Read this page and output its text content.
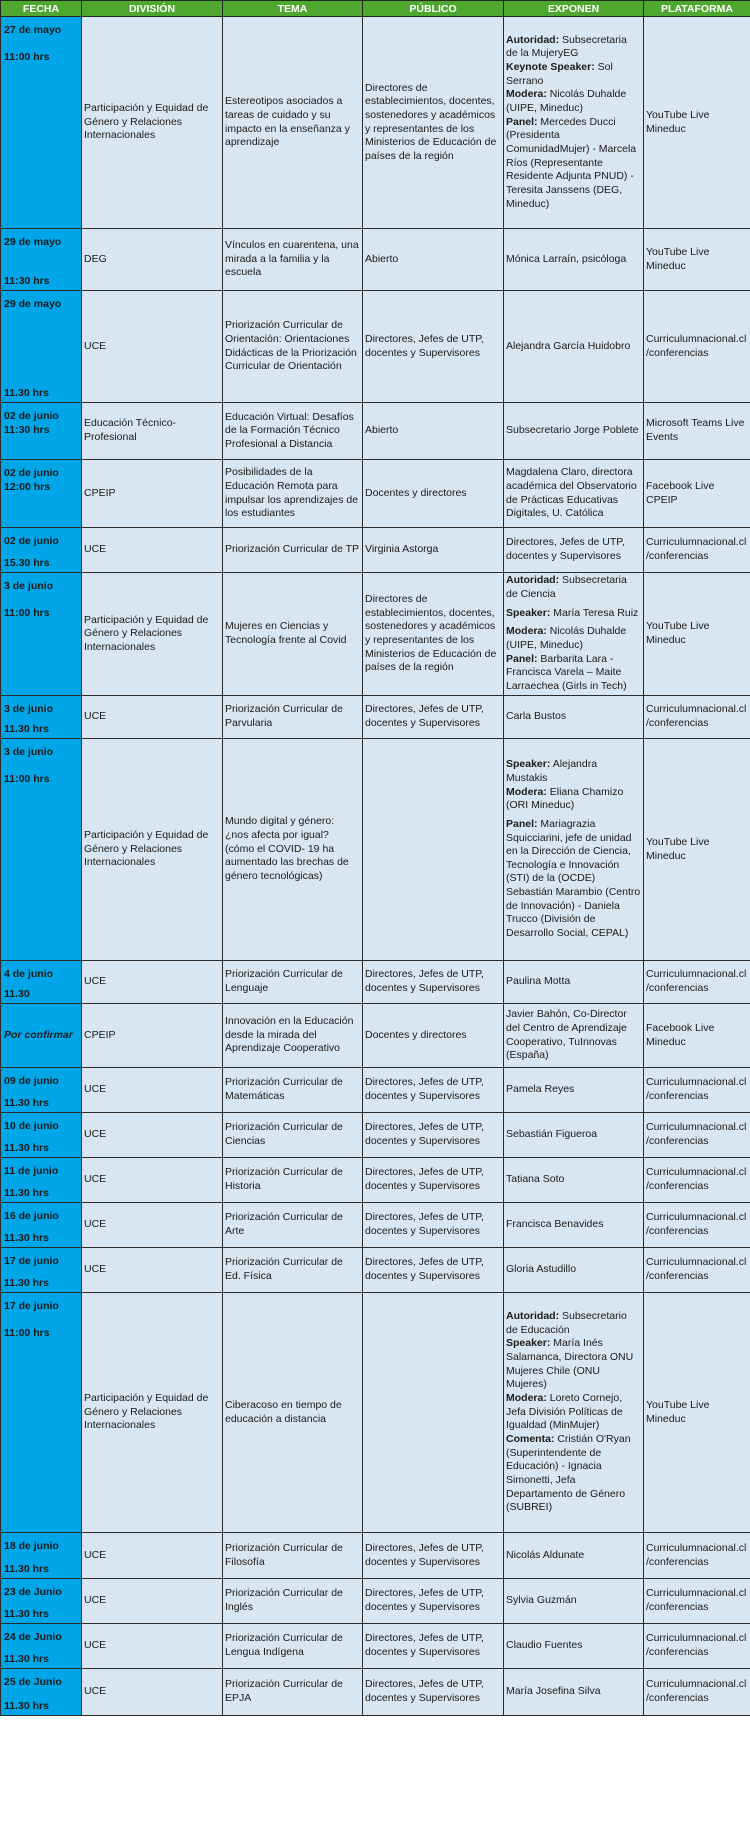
FECHA	DIVISIÓN	TEMA	PÚBLICO	EXPONEN	PLATAFORMA

27 de mayo
11:00 hrs	Participación y Equidad de Género y Relaciones Internacionales	Estereotipos asociados a tareas de cuidado y su impacto en la enseñanza y aprendizaje	Directores de establecimientos, docentes, sostenedores y académicos y representantes de los Ministerios de Educación de países de la región	Autoridad: Subsecretaria de la MujeryEG
Keynote Speaker: Sol Serrano
Modera: Nicolás Duhalde (UIPE, Mineduc)
Panel: Mercedes Ducci (Presidenta ComunidadMujer) - Marcela Ríos (Representante Residente Adjunta PNUD) - Teresita Janssens (DEG, Mineduc)	YouTube Live Mineduc

29 de mayo
11:30 hrs	DEG	Vínculos en cuarentena, una mirada a la familia y la escuela	Abierto	Mónica Larraín, psicóloga	YouTube Live Mineduc

29 de mayo
11.30 hrs	UCE	Priorización Curricular de Orientación: Orientaciones Didácticas de la Priorización Curricular de Orientación	Directores, Jefes de UTP, docentes y Supervisores	Alejandra García Huidobro	Curriculumnacional.cl /conferencias

02 de junio
11:30 hrs	Educación Técnico-Profesional	Educación Virtual: Desafíos de la Formación Técnico Profesional a Distancia	Abierto	Subsecretario Jorge Poblete	Microsoft Teams Live Events

02 de junio
12:00 hrs	CPEIP	Posibilidades de la Educación Remota para impulsar los aprendizajes de los estudiantes	Docentes y directores	Magdalena Claro, directora académica del Observatorio de Prácticas Educativas Digitales, U. Católica	Facebook Live CPEIP

02 de junio
15.30 hrs	UCE	Priorización Curricular de TP	Virginia Astorga	Directores, Jefes de UTP, docentes y Supervisores	Curriculumnacional.cl /conferencias

3 de junio
11:00 hrs	Participación y Equidad de Género y Relaciones Internacionales	Mujeres en Ciencias y Tecnología frente al Covid	Directores de establecimientos, docentes, sostenedores y académicos y representantes de los Ministerios de Educación de países de la región	Autoridad: Subsecretaria de Ciencia
Speaker: María Teresa Ruiz
Modera: Nicolás Duhalde (UIPE, Mineduc)
Panel: Barbarita Lara - Francisca Varela – Maite Larraechea (Girls in Tech)	YouTube Live Mineduc

3 de junio
11.30 hrs	UCE	Priorización Curricular de Parvularia	Directores, Jefes de UTP, docentes y Supervisores	Carla Bustos	Curriculumnacional.cl /conferencias

3 de junio
11:00 hrs	Participación y Equidad de Género y Relaciones Internacionales	Mundo digital y género: ¿nos afecta por igual? (cómo el COVID- 19 ha aumentado las brechas de género tecnológicas)		Speaker: Alejandra Mustakis
Modera: Eliana Chamizo (ORI Mineduc)
Panel: Mariagrazia Squicciarini, jefe de unidad en la Dirección de Ciencia, Tecnología e Innovación (STI) de la (OCDE) Sebastián Marambio (Centro de Innovación) - Daniela Trucco (División de Desarrollo Social, CEPAL)	YouTube Live Mineduc

4 de junio
11.30	UCE	Priorización Curricular de Lenguaje	Directores, Jefes de UTP, docentes y Supervisores	Paulina Motta	Curriculumnacional.cl /conferencias

Por confirmar	CPEIP	Innovación en la Educación desde la mirada del Aprendizaje Cooperativo	Docentes y directores	Javier Bahón, Co-Director del Centro de Aprendizaje Cooperativo, TuInnovas (España)	Facebook Live Mineduc

09 de junio
11.30 hrs	UCE	Priorización Curricular de Matemáticas	Directores, Jefes de UTP, docentes y Supervisores	Pamela Reyes	Curriculumnacional.cl /conferencias

10 de junio
11.30 hrs	UCE	Priorización Curricular de Ciencias	Directores, Jefes de UTP, docentes y Supervisores	Sebastián Figueroa	Curriculumnacional.cl /conferencias

11 de junio
11.30 hrs	UCE	Priorización Curricular de Historia	Directores, Jefes de UTP, docentes y Supervisores	Tatiana Soto	Curriculumnacional.cl /conferencias

16 de junio
11.30 hrs	UCE	Priorización Curricular de Arte	Directores, Jefes de UTP, docentes y Supervisores	Francisca Benavides	Curriculumnacional.cl /conferencias

17 de junio
11.30 hrs	UCE	Priorización Curricular de Ed. Física	Directores, Jefes de UTP, docentes y Supervisores	Gloria Astudillo	Curriculumnacional.cl /conferencias

17 de junio
11:00 hrs	Participación y Equidad de Género y Relaciones Internacionales	Ciberacoso en tiempo de educación a distancia		Autoridad: Subsecretario de Educación
Speaker: María Inés Salamanca, Directora ONU Mujeres Chile (ONU Mujeres)
Modera: Loreto Cornejo, Jefa División Políticas de Igualdad (MinMujer)
Comenta: Cristián O'Ryan (Superintendente de Educación) - Ignacia Simonetti, Jefa Departamento de Género (SUBREI)	YouTube Live Mineduc

18 de junio
11.30 hrs	UCE	Priorización Curricular de Filosofía	Directores, Jefes de UTP, docentes y Supervisores	Nicolás Aldunate	Curriculumnacional.cl /conferencias

23 de Junio
11.30 hrs	UCE	Priorización Curricular de Inglés	Directores, Jefes de UTP, docentes y Supervisores	Sylvia Guzmán	Curriculumnacional.cl /conferencias

24 de Junio
11.30 hrs	UCE	Priorización Curricular de Lengua Indígena	Directores, Jefes de UTP, docentes y Supervisores	Claudio Fuentes	Curriculumnacional.cl /conferencias

25 de Junio
11.30 hrs	UCE	Priorización Curricular de EPJA	Directores, Jefes de UTP, docentes y Supervisores	María Josefina Silva	Curriculumnacional.cl /conferencias
